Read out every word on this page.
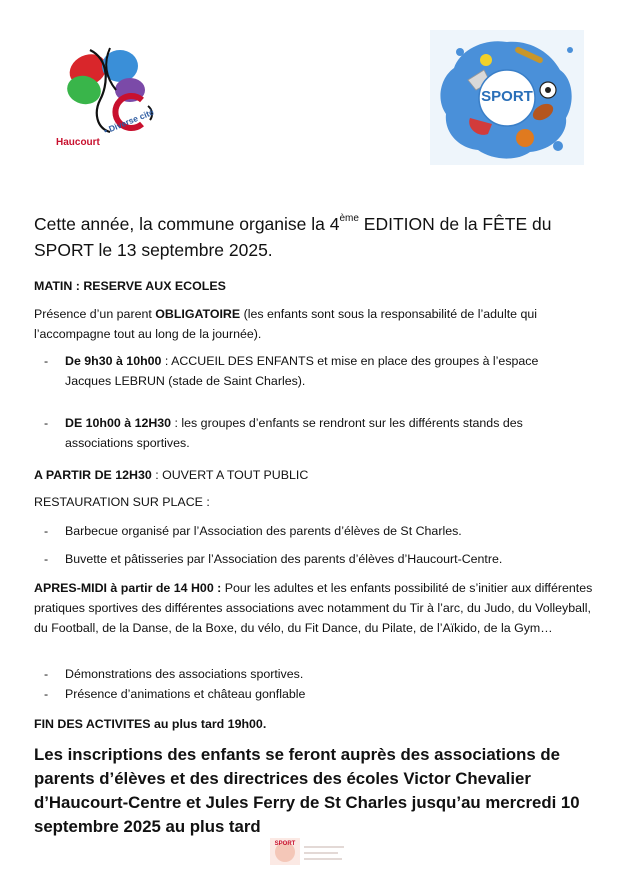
Haucourt
• Diverse cité
SPORT
Cette année, la commune organise la 4ème EDITION de la FÊTE du SPORT le 13 septembre 2025.
MATIN : RESERVE AUX ECOLES
Présence d’un parent OBLIGATOIRE (les enfants sont sous la responsabilité de l’adulte qui l’accompagne tout au long de la journée).
-	De 9h30 à 10h00 : ACCUEIL DES ENFANTS et mise en place des groupes à l’espace Jacques LEBRUN (stade de Saint Charles).
-	DE 10h00 à 12H30 : les groupes d’enfants se rendront sur les différents stands des associations sportives.
A PARTIR DE 12H30 : OUVERT A TOUT PUBLIC
RESTAURATION SUR PLACE :
-	Barbecue organisé par l’Association des parents d’élèves de St Charles.
-	Buvette et pâtisseries par l’Association des parents d’élèves d’Haucourt-Centre.
APRES-MIDI à partir de 14 H00 : Pour les adultes et les enfants possibilité de s’initier aux différentes pratiques sportives des différentes associations avec notamment du Tir à l’arc, du Judo, du Volleyball, du Football, de la Danse, de la Boxe, du vélo, du Fit Dance, du Pilate, de l’Aïkido, de la Gym…
-	Démonstrations des associations sportives.
-	Présence d’animations et château gonflable
FIN DES ACTIVITES au plus tard 19h00.
Les inscriptions des enfants se feront auprès des associations de parents d’élèves et des directrices des écoles Victor Chevalier d’Haucourt-Centre et Jules Ferry de St Charles jusqu’au mercredi 10 septembre 2025 au plus tard
SPORT
